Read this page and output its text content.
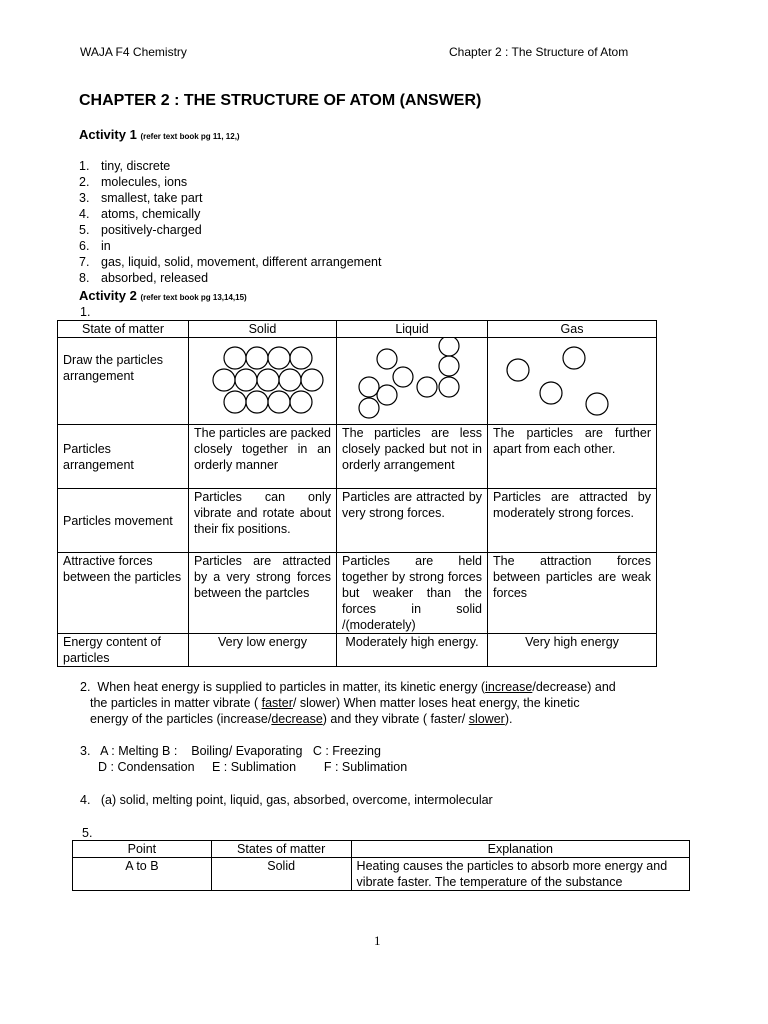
WAJA F4 Chemistry	Chapter 2 : The Structure of Atom
CHAPTER 2 : THE STRUCTURE OF ATOM (ANSWER)
Activity 1 (refer text book pg 11, 12,)
1. tiny, discrete
2. molecules, ions
3. smallest, take part
4. atoms, chemically
5. positively-charged
6. in
7. gas, liquid, solid, movement, different arrangement
8. absorbed, released
Activity 2 (refer text book pg 13,14,15)
1.
State of matter	Solid	Liquid	Gas
Draw the particles arrangement			
Particles arrangement	The particles are packed closely together in an orderly manner	The particles are less closely packed but not in orderly arrangement	The particles are further apart from each other.
Particles movement	Particles can only vibrate and rotate about their fix positions.	Particles are attracted by very strong forces.	Particles are attracted by moderately strong forces.
Attractive forces between the particles	Particles are attracted by a very strong forces between the partcles	Particles are held together by strong forces but weaker than the forces in solid /(moderately)	The attraction forces between particles are weak forces
Energy content of particles	Very low energy	Moderately high energy.	Very high energy
2. When heat energy is supplied to particles in matter, its kinetic energy (increase/decrease) and
the particles in matter vibrate ( faster/ slower) When matter loses heat energy, the kinetic
energy of the particles (increase/decrease) and they vibrate ( faster/ slower).
3. A : Melting B : Boiling/ Evaporating C : Freezing
D : Condensation E : Sublimation F : Sublimation
4. (a) solid, melting point, liquid, gas, absorbed, overcome, intermolecular
5.
Point	States of matter	Explanation
A to B	Solid	Heating causes the particles to absorb more energy and vibrate faster. The temperature of the substance
1
